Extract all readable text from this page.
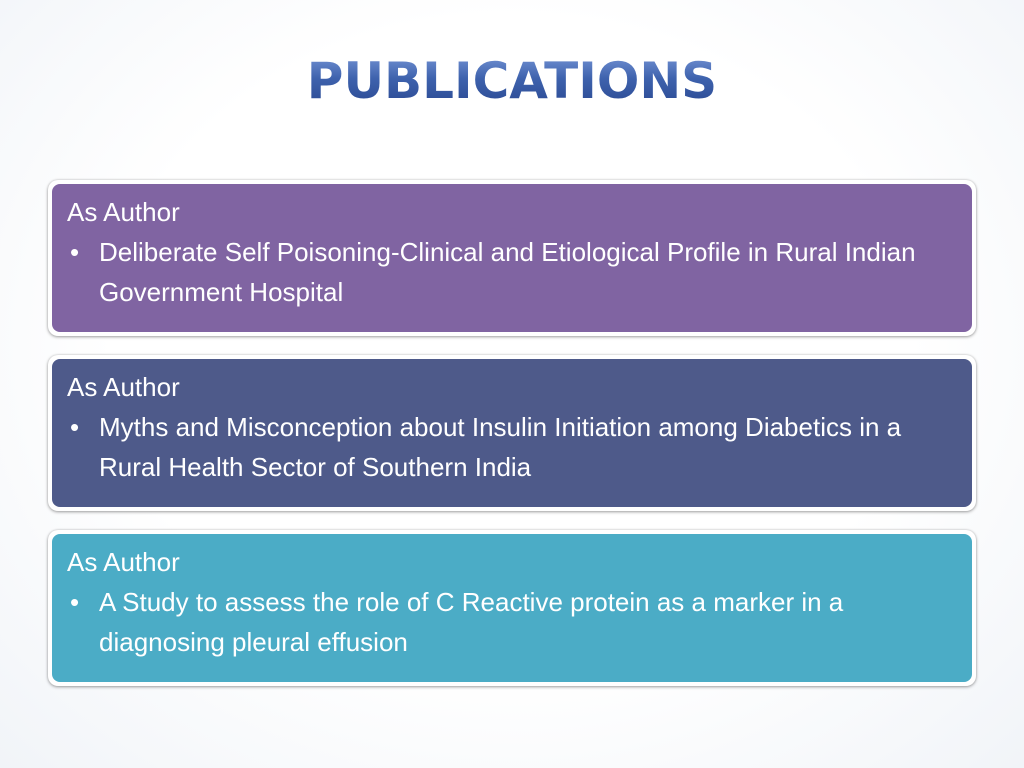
PUBLICATIONS
As Author
• Deliberate Self Poisoning-Clinical and Etiological Profile in Rural Indian Government Hospital
As Author
• Myths and Misconception about Insulin Initiation among Diabetics in a Rural Health Sector of Southern India
As Author
• A Study to assess the role of C Reactive protein as a marker in a diagnosing pleural effusion
